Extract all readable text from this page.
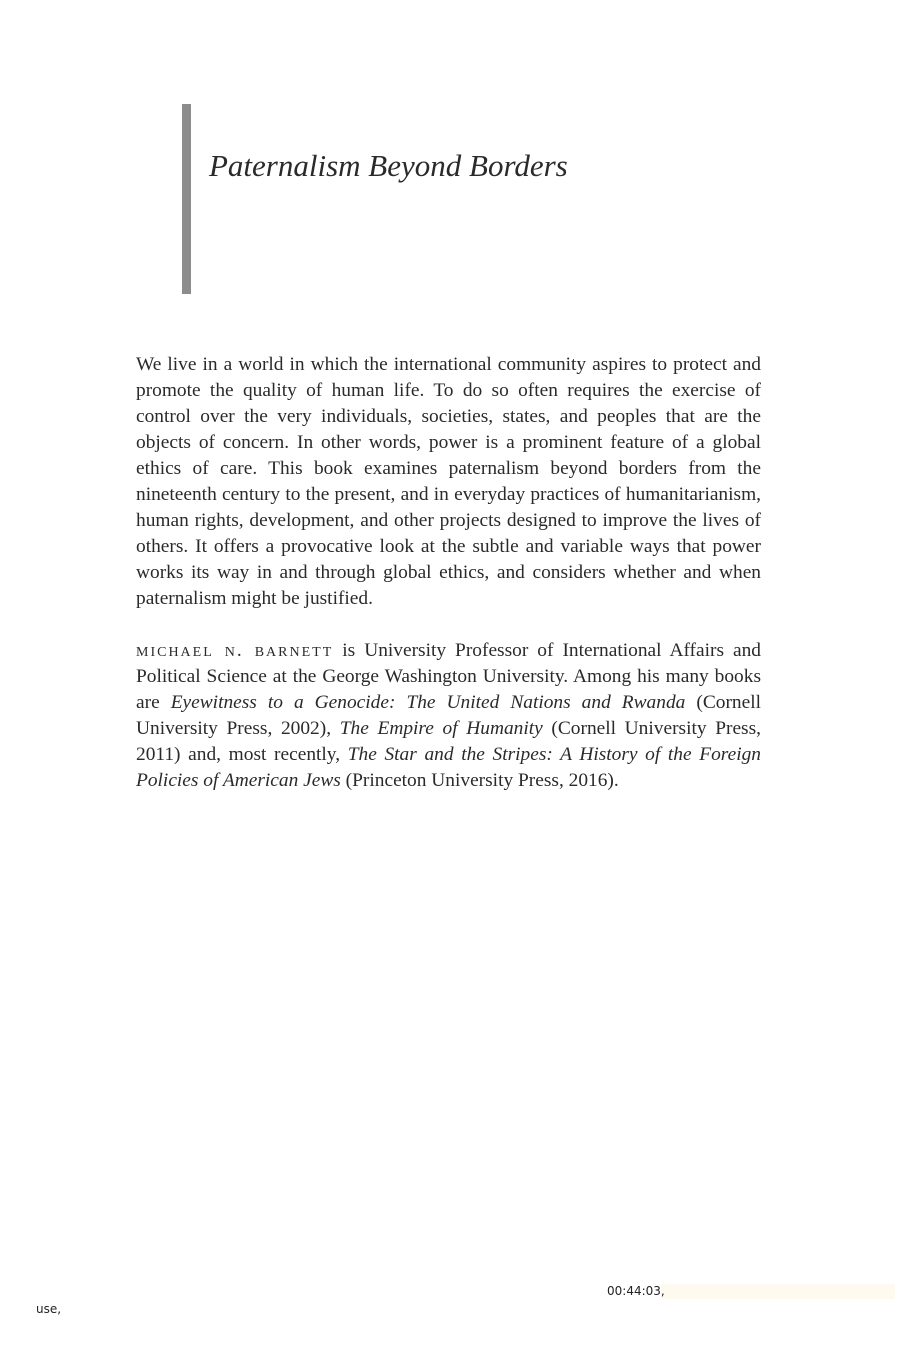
Paternalism Beyond Borders

We live in a world in which the international community aspires to protect and promote the quality of human life. To do so often requires the exercise of control over the very individuals, societies, states, and peoples that are the objects of concern. In other words, power is a prominent feature of a global ethics of care. This book examines paternalism beyond borders from the nineteenth century to the present, and in everyday practices of humanitarianism, human rights, development, and other projects designed to improve the lives of others. It offers a provocative look at the subtle and variable ways that power works its way in and through global ethics, and considers whether and when paternalism might be justified.

michael n. barnett is University Professor of International Affairs and Political Science at the George Washington University. Among his many books are Eyewitness to a Genocide: The United Nations and Rwanda (Cornell University Press, 2002), The Empire of Humanity (Cornell University Press, 2011) and, most recently, The Star and the Stripes: A History of the Foreign Policies of American Jews (Princeton University Press, 2016).

00:44:03,
use,
